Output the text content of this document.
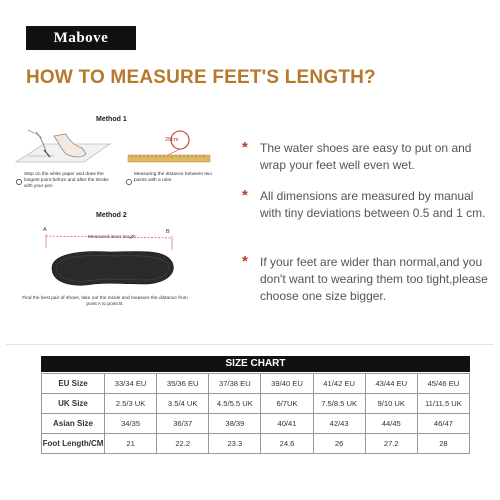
Mabove
HOW TO MEASURE FEET'S LENGTH?
Method 1
Step on the white paper and draw the longest point before and after the stroke with your pen
26cm
Measuring the distance between two points with a ruler
Method 2
A	B
Measured inner length
Find the best pair of shoes, take out the insole and measure the distance from point A to point B.
* The water shoes are easy to put on and wrap your feet well even wet.
* All dimensions are measured by manual with tiny deviations between 0.5 and 1 cm.
* If your feet are wider than normal,and you don't want to wearing them too tight,please choose one size bigger.
SIZE CHART
EU Size	33/34 EU	35/36 EU	37/38 EU	39/40 EU	41/42 EU	43/44 EU	45/46 EU
UK Size	2.5/3 UK	3.5/4 UK	4.5/5.5 UK	6/7UK	7.5/8.5 UK	9/10 UK	11/11.5 UK
Asian Size	34/35	36/37	38/39	40/41	42/43	44/45	46/47
Foot Length/CM	21	22.2	23.3	24.6	26	27.2	28
